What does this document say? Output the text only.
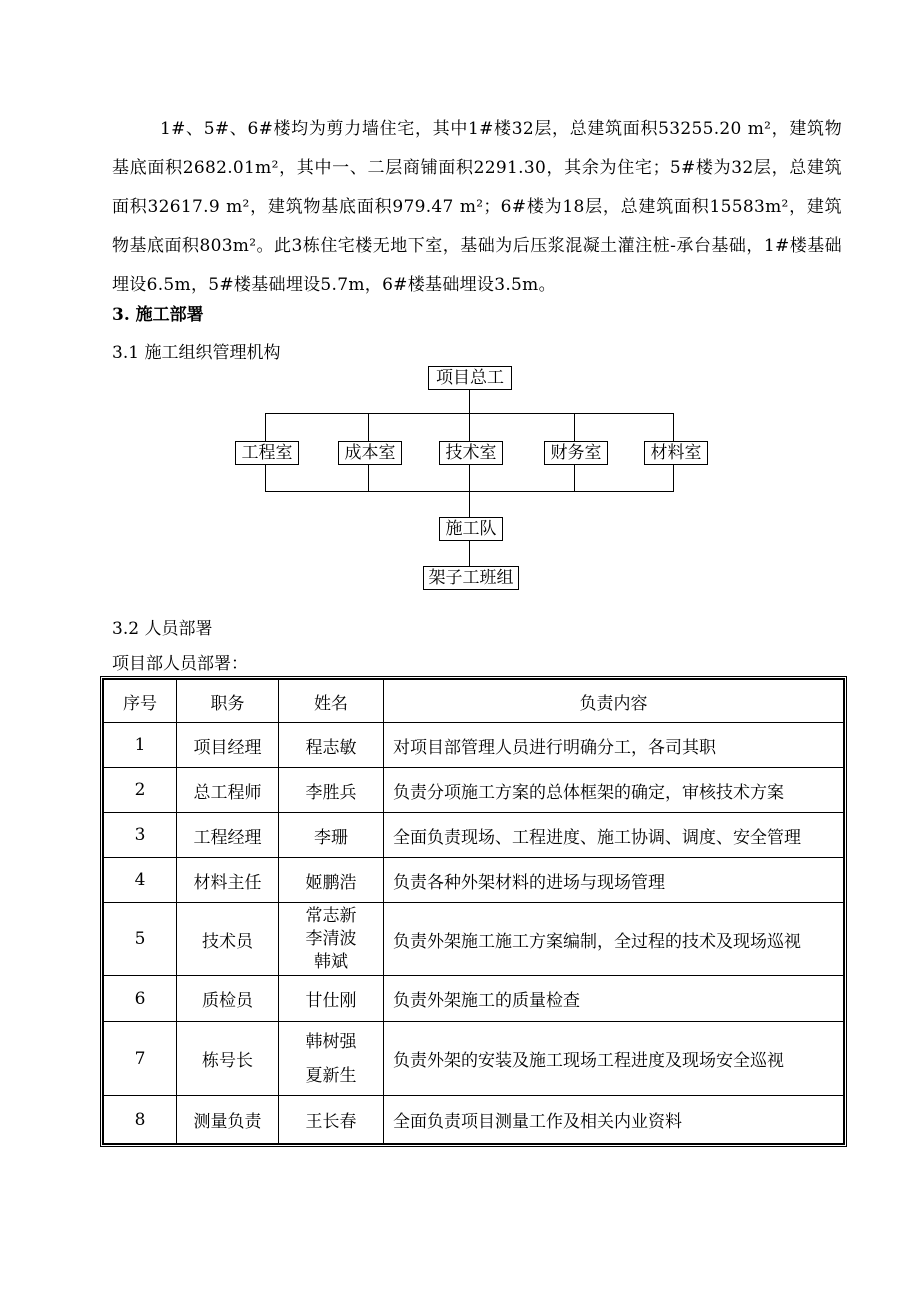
1#、5#、6#楼均为剪力墙住宅，其中1#楼32层，总建筑面积53255.20 m²，建筑物基底面积2682.01m²，其中一、二层商铺面积2291.30，其余为住宅；5#楼为32层，总建筑面积32617.9 m²，建筑物基底面积979.47 m²；6#楼为18层，总建筑面积15583m²，建筑物基底面积803m²。此3栋住宅楼无地下室，基础为后压浆混凝土灌注桩-承台基础，1#楼基础埋设6.5m，5#楼基础埋设5.7m，6#楼基础埋设3.5m。
3. 施工部署
3.1 施工组织管理机构
项目总工
工程室	成本室	技术室	财务室	材料室
施工队
架子工班组
3.2 人员部署
项目部人员部署：
序号	职务	姓名	负责内容
1	项目经理	程志敏	对项目部管理人员进行明确分工，各司其职
2	总工程师	李胜兵	负责分项施工方案的总体框架的确定，审核技术方案
3	工程经理	李珊	全面负责现场、工程进度、施工协调、调度、安全管理
4	材料主任	姬鹏浩	负责各种外架材料的进场与现场管理
5	技术员	常志新
李清波
韩斌	负责外架施工施工方案编制，全过程的技术及现场巡视
6	质检员	甘仕刚	负责外架施工的质量检查
7	栋号长	韩树强
夏新生	负责外架的安装及施工现场工程进度及现场安全巡视
8	测量负责	王长春	全面负责项目测量工作及相关内业资料
